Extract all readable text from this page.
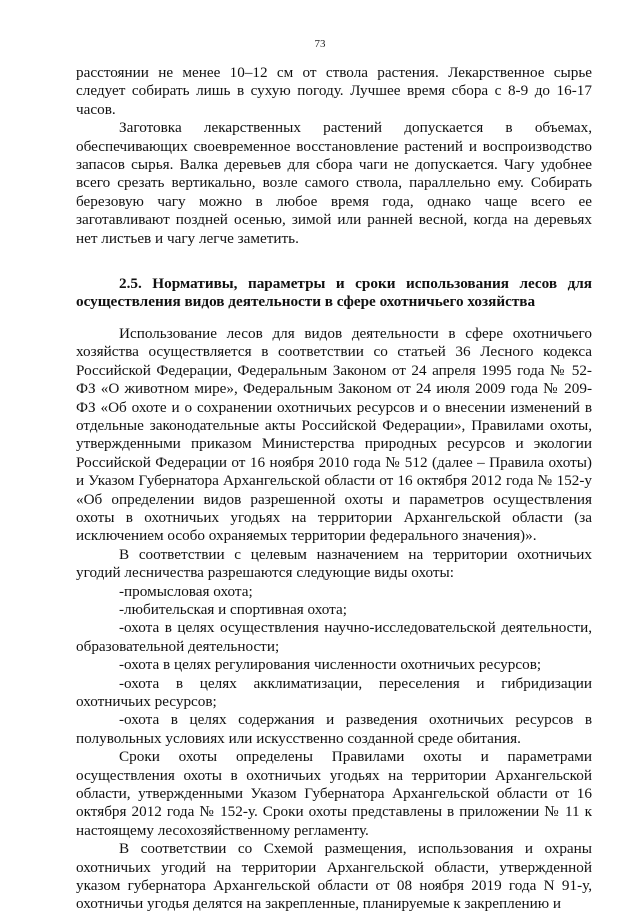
73

расстоянии не менее 10–12 см от ствола растения. Лекарственное сырье следует собирать лишь в сухую погоду. Лучшее время сбора с 8-9 до 16-17 часов.

Заготовка лекарственных растений допускается в объемах, обеспечивающих своевременное восстановление растений и воспроизводство запасов сырья. Валка деревьев для сбора чаги не допускается. Чагу удобнее всего срезать вертикально, возле самого ствола, параллельно ему. Собирать березовую чагу можно в любое время года, однако чаще всего ее заготавливают поздней осенью, зимой или ранней весной, когда на деревьях нет листьев и чагу легче заметить.

2.5. Нормативы, параметры и сроки использования лесов для осуществления видов деятельности в сфере охотничьего хозяйства

Использование лесов для видов деятельности в сфере охотничьего хозяйства осуществляется в соответствии со статьей 36 Лесного кодекса Российской Федерации, Федеральным Законом от 24 апреля 1995 года № 52-ФЗ «О животном мире», Федеральным Законом от 24 июля 2009 года № 209-ФЗ «Об охоте и о сохранении охотничьих ресурсов и о внесении изменений в отдельные законодательные акты Российской Федерации», Правилами охоты, утвержденными приказом Министерства природных ресурсов и экологии Российской Федерации от 16 ноября 2010 года № 512 (далее – Правила охоты) и Указом Губернатора Архангельской области от 16 октября 2012 года № 152-у «Об определении видов разрешенной охоты и параметров осуществления охоты в охотничьих угодьях на территории Архангельской области (за исключением особо охраняемых территории федерального значения)».

В соответствии с целевым назначением на территории охотничьих угодий лесничества разрешаются следующие виды охоты:

-промысловая охота;

-любительская и спортивная охота;

-охота в целях осуществления научно-исследовательской деятельности, образовательной деятельности;

-охота в целях регулирования численности охотничьих ресурсов;

-охота в целях акклиматизации, переселения и гибридизации охотничьих ресурсов;

-охота в целях содержания и разведения охотничьих ресурсов в полувольных условиях или искусственно созданной среде обитания.

Сроки охоты определены Правилами охоты и параметрами осуществления охоты в охотничьих угодьях на территории Архангельской области, утвержденными Указом Губернатора Архангельской области от 16 октября 2012 года № 152-у. Сроки охоты представлены в приложении № 11 к настоящему лесохозяйственному регламенту.

В соответствии со Схемой размещения, использования и охраны охотничьих угодий на территории Архангельской области, утвержденной указом губернатора Архангельской области от 08 ноября 2019 года N 91-у, охотничьи угодья делятся на закрепленные, планируемые к закреплению и
